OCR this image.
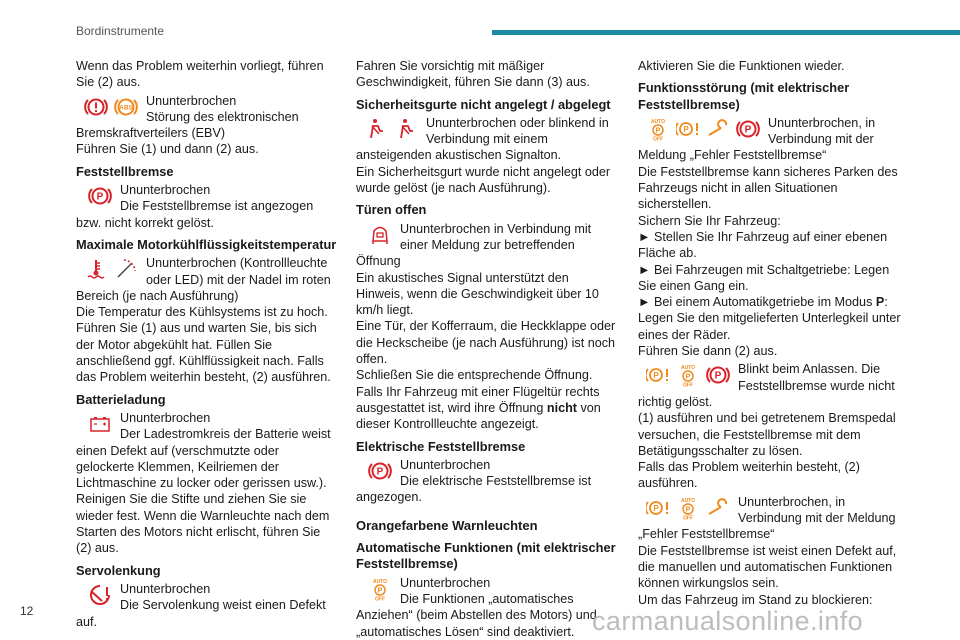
Bordinstrumente

Wenn das Problem weiterhin vorliegt, führen Sie (2) aus.

ABS	Ununterbrochen

Störung des elektronischen Bremskraftverteilers (EBV)

Führen Sie (1) und dann (2) aus.

Feststellbremse
P	Ununterbrochen

Die Feststellbremse ist angezogen bzw. nicht korrekt gelöst.

Maximale Motorkühlflüssigkeitstemperatur

Ununterbrochen (Kontrollleuchte oder LED) mit der Nadel im roten Bereich (je nach Ausführung)

Die Temperatur des Kühlsystems ist zu hoch. Führen Sie (1) aus und warten Sie, bis sich der Motor abgekühlt hat. Füllen Sie anschließend ggf. Kühlflüssigkeit nach. Falls das Problem weiterhin besteht, (2) ausführen.

Batterieladung

Ununterbrochen

Der Ladestromkreis der Batterie weist einen Defekt auf (verschmutzte oder gelockerte Klemmen, Keilriemen der Lichtmaschine zu locker oder gerissen usw.).

Reinigen Sie die Stifte und ziehen Sie sie wieder fest. Wenn die Warnleuchte nach dem Starten des Motors nicht erlischt, führen Sie (2) aus.

Servolenkung

Ununterbrochen

Die Servolenkung weist einen Defekt auf.

Fahren Sie vorsichtig mit mäßiger Geschwindigkeit, führen Sie dann (3) aus.

Sicherheitsgurte nicht angelegt / abgelegt

Ununterbrochen oder blinkend in Verbindung mit einem ansteigenden akustischen Signalton.

Ein Sicherheitsgurt wurde nicht angelegt oder wurde gelöst (je nach Ausführung).

Türen offen

Ununterbrochen in Verbindung mit einer Meldung zur betreffenden Öffnung

Ein akustisches Signal unterstützt den Hinweis, wenn die Geschwindigkeit über 10 km/h liegt.

Eine Tür, der Kofferraum, die Heckklappe oder die Heckscheibe (je nach Ausführung) ist noch offen.

Schließen Sie die entsprechende Öffnung.

Falls Ihr Fahrzeug mit einer Flügeltür rechts ausgestattet ist, wird ihre Öffnung nicht von dieser Kontrollleuchte angezeigt.

Elektrische Feststellbremse
P	Ununterbrochen

Die elektrische Feststellbremse ist angezogen.

Orangefarbene Warnleuchten
Automatische Funktionen (mit elektrischer Feststellbremse)
AUTO
P
OFF

Ununterbrochen

Die Funktionen „automatisches Anziehen“ (beim Abstellen des Motors) und „automatisches Lösen“ sind deaktiviert.

Aktivieren Sie die Funktionen wieder.

Funktionsstörung (mit elektrischer Feststellbremse)
AUTO
P
OFF
P	P	Ununterbrochen, in Verbindung mit der Meldung „Fehler Feststellbremse“

Die Feststellbremse kann sicheres Parken des Fahrzeugs nicht in allen Situationen sicherstellen.

Sichern Sie Ihr Fahrzeug:

► Stellen Sie Ihr Fahrzeug auf einer ebenen Fläche ab.

► Bei Fahrzeugen mit Schaltgetriebe: Legen Sie einen Gang ein.

► Bei einem Automatikgetriebe im Modus P: Legen Sie den mitgelieferten Unterlegkeil unter eines der Räder.

Führen Sie dann (2) aus.

P
AUTO
P
OFF
P	Blinkt beim Anlassen. Die Feststellbremse wurde nicht richtig gelöst.

(1) ausführen und bei getretenem Bremspedal versuchen, die Feststellbremse mit dem Betätigungsschalter zu lösen.

Falls das Problem weiterhin besteht, (2) ausführen.

P
AUTO
P
OFF

Ununterbrochen, in Verbindung mit der Meldung „Fehler Feststellbremse“

Die Feststellbremse ist weist einen Defekt auf, die manuellen und automatischen Funktionen können wirkungslos sein.

Um das Fahrzeug im Stand zu blockieren:

12	carmanualsonline.info
